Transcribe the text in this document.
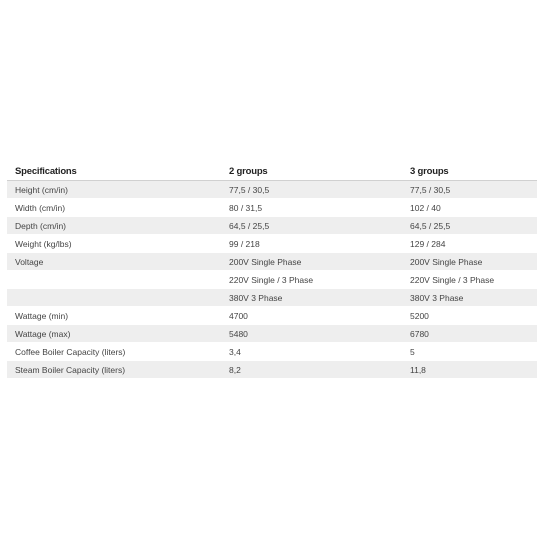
Specifications	2 groups	3 groups
Height (cm/in)	77,5 / 30,5	77,5 / 30,5
Width (cm/in)	80 / 31,5	102 / 40
Depth (cm/in)	64,5 / 25,5	64,5 / 25,5
Weight (kg/lbs)	99 / 218	129 / 284
Voltage	200V Single Phase	200V Single Phase
	220V Single / 3 Phase	220V Single / 3 Phase
	380V 3 Phase	380V 3 Phase
Wattage (min)	4700	5200
Wattage (max)	5480	6780
Coffee Boiler Capacity (liters)	3,4	5
Steam Boiler Capacity (liters)	8,2	11,8
